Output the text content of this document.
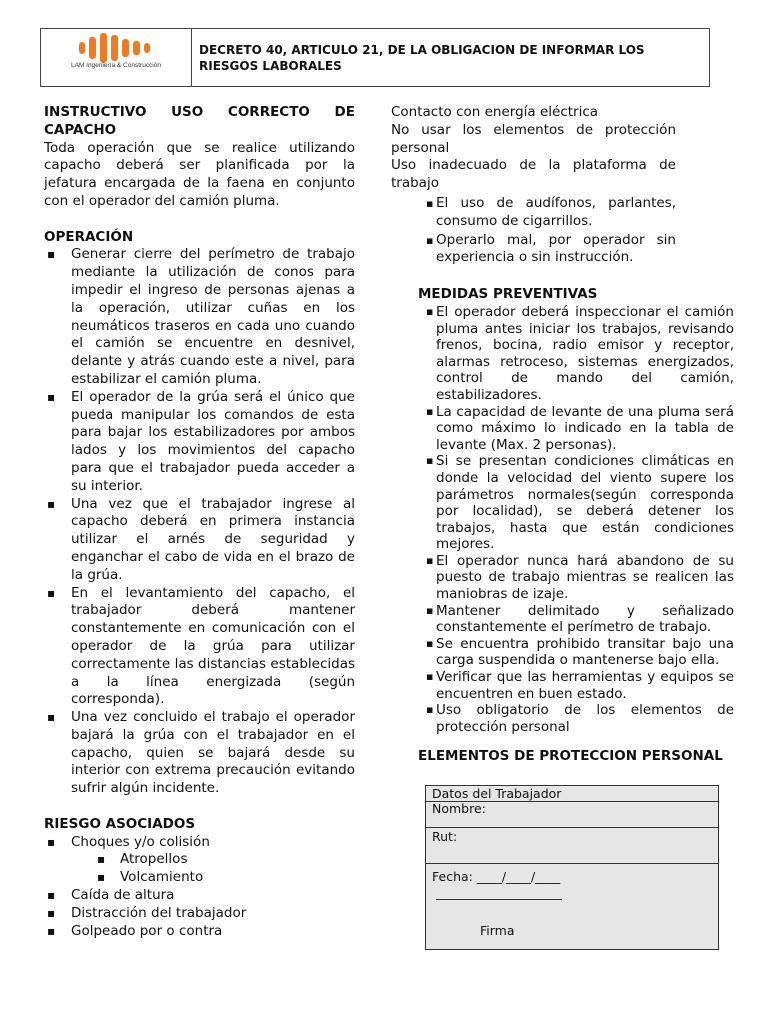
LAM Ingeniería & Construcción
DECRETO 40, ARTICULO 21, DE LA OBLIGACION DE INFORMAR LOS RIESGOS LABORALES

INSTRUCTIVO USO CORRECTO DE CAPACHO

Toda operación que se realice utilizando capacho deberá ser planificada por la jefatura encargada de la faena en conjunto con el operador del camión pluma.

OPERACIÓN

▪ Generar cierre del perímetro de trabajo mediante la utilización de conos para impedir el ingreso de personas ajenas a la operación, utilizar cuñas en los neumáticos traseros en cada uno cuando el camión se encuentre en desnivel, delante y atrás cuando este a nivel, para estabilizar el camión pluma.
▪ El operador de la grúa será el único que pueda manipular los comandos de esta para bajar los estabilizadores por ambos lados y los movimientos del capacho para que el trabajador pueda acceder a su interior.
▪ Una vez que el trabajador ingrese al capacho deberá en primera instancia utilizar el arnés de seguridad y enganchar el cabo de vida en el brazo de la grúa.
▪ En el levantamiento del capacho, el trabajador deberá mantener constantemente en comunicación con el operador de la grúa para utilizar correctamente las distancias establecidas a la línea energizada (según corresponda).
▪ Una vez concluido el trabajo el operador bajará la grúa con el trabajador en el capacho, quien se bajará desde su interior con extrema precaución evitando sufrir algún incidente.

RIESGO ASOCIADOS

▪ Choques y/o colisión
▪ Atropellos
▪ Volcamiento
▪ Caída de altura
▪ Distracción del trabajador
▪ Golpeado por o contra

Contacto con energía eléctrica

No usar los elementos de protección personal

Uso inadecuado de la plataforma de trabajo

▪ El uso de audífonos, parlantes, consumo de cigarrillos.
▪ Operarlo mal, por operador sin experiencia o sin instrucción.

MEDIDAS PREVENTIVAS

▪ El operador deberá inspeccionar el camión pluma antes iniciar los trabajos, revisando frenos, bocina, radio emisor y receptor, alarmas retroceso, sistemas energizados, control de mando del camión, estabilizadores.
▪ La capacidad de levante de una pluma será como máximo lo indicado en la tabla de levante (Max. 2 personas).
▪ Si se presentan condiciones climáticas en donde la velocidad del viento supere los parámetros normales(según corresponda por localidad), se deberá detener los trabajos, hasta que están condiciones mejores.
▪ El operador nunca hará abandono de su puesto de trabajo mientras se realicen las maniobras de izaje.
▪ Mantener delimitado y señalizado constantemente el perímetro de trabajo.
▪ Se encuentra prohibido transitar bajo una carga suspendida o mantenerse bajo ella.
▪ Verificar que las herramientas y equipos se encuentren en buen estado.
▪ Uso obligatorio de los elementos de protección personal

ELEMENTOS DE PROTECCION PERSONAL

Datos del Trabajador
Nombre:
Rut:
Fecha: ____/____/____
Firma
